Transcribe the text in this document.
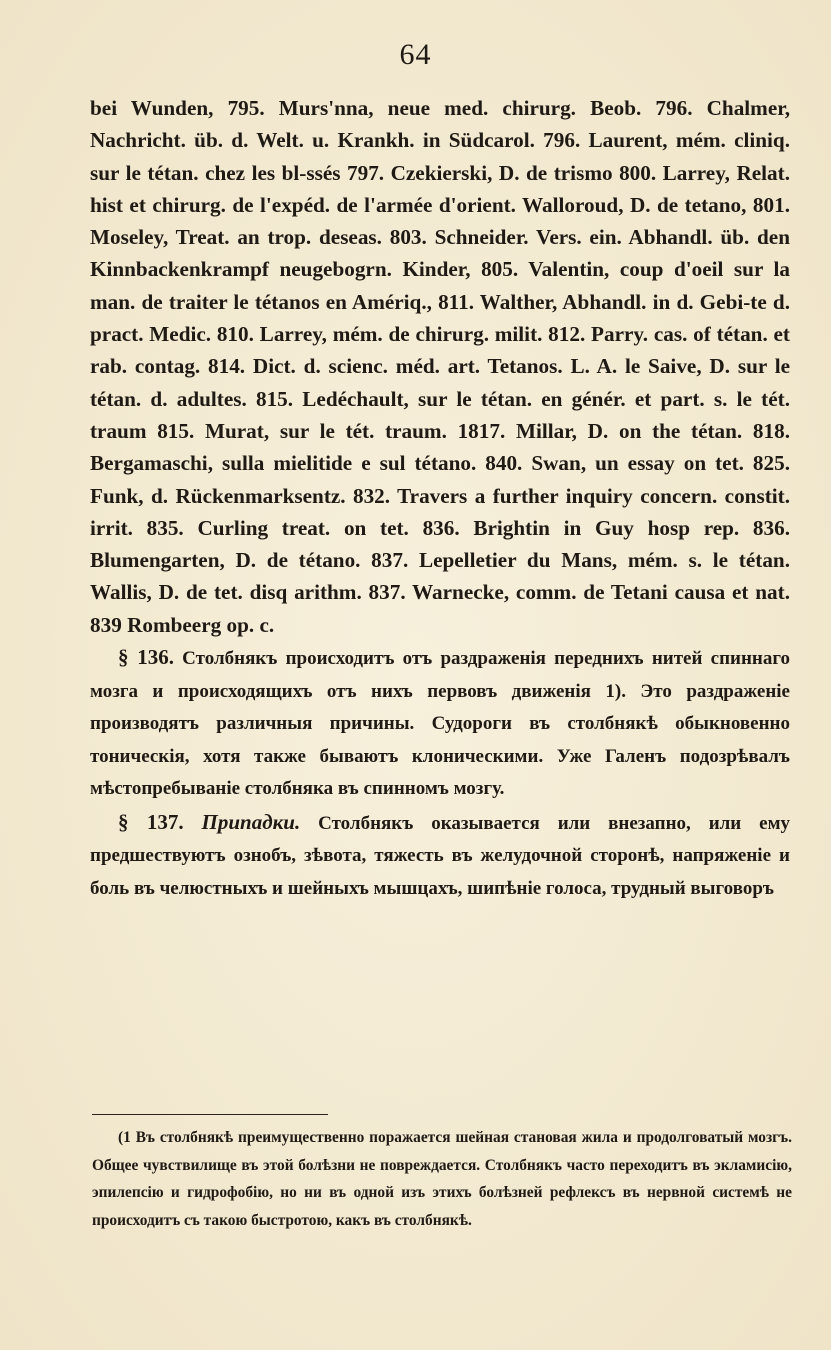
64

bei Wunden, 795. Murs'nna, neue med. chirurg. Beob. 796. Chalmer, Nachricht. üb. d. Welt. u. Krankh. in Südcarol. 796. Laurent, mém. cliniq. sur le tétan. chez les bl-ssés 797. Czekierski, D. de trismo 800. Larrey, Relat. hist et chirurg. de l'expéd. de l'armée d'orient. Walloroud, D. de tetano, 801. Moseley, Treat. an trop. deseas. 803. Schneider. Vers. ein. Abhandl. üb. den Kinnbackenkrampf neugebogrn. Kinder, 805. Valentin, coup d'oeil sur la man. de traiter le tétanos en Amériq., 811. Walther, Abhandl. in d. Gebi-te d. pract. Medic. 810. Larrey, mém. de chirurg. milit. 812. Parry. cas. of tétan. et rab. contag. 814. Dict. d. scienc. méd. art. Tetanos. L. A. le Saive, D. sur le tétan. d. adultes. 815. Ledéchault, sur le tétan. en génér. et part. s. le tét. traum 815. Murat, sur le tét. traum. 1817. Millar, D. on the tétan. 818. Bergamaschi, sulla mielitide e sul tétano. 840. Swan, un essay on tet. 825. Funk, d. Rückenmarksentz. 832. Travers a further inquiry concern. constit. irrit. 835. Curling treat. on tet. 836. Brightin in Guy hosp rep. 836. Blumengarten, D. de tétano. 837. Lepelletier du Mans, mém. s. le tétan. Wallis, D. de tet. disq arithm. 837. Warnecke, comm. de Tetani causa et nat. 839 Rombeerg op. c.

§ 136. Столбнякъ происходитъ отъ раздраженія переднихъ нитей спиннаго мозга и происходящихъ отъ нихъ первовъ движенія 1). Это раздраженіе производятъ различныя причины. Судороги въ столбнякѣ обыкновенно тоническія, хотя также бываютъ клоническими. Уже Галенъ подозрѣвалъ мѣстопребываніе столбняка въ спинномъ мозгу.

§ 137. Припадки. Столбнякъ оказывается или внезапно, или ему предшествуютъ ознобъ, зѣвота, тяжесть въ желудочной сторонѣ, напряженіе и боль въ челюстныхъ и шейныхъ мышцахъ, шипѣніе голоса, трудный выговоръ

(1 Въ столбнякѣ преимущественно поражается шейная становая жила и продолговатый мозгъ. Общее чувствилище въ этой болѣзни не повреждается. Столбнякъ часто переходитъ въ экламисію, эпилепсію и гидрофобію, но ни въ одной изъ этихъ болѣзней рефлексъ въ нервной системѣ не происходитъ съ такою быстротою, какъ въ столбнякѣ.
